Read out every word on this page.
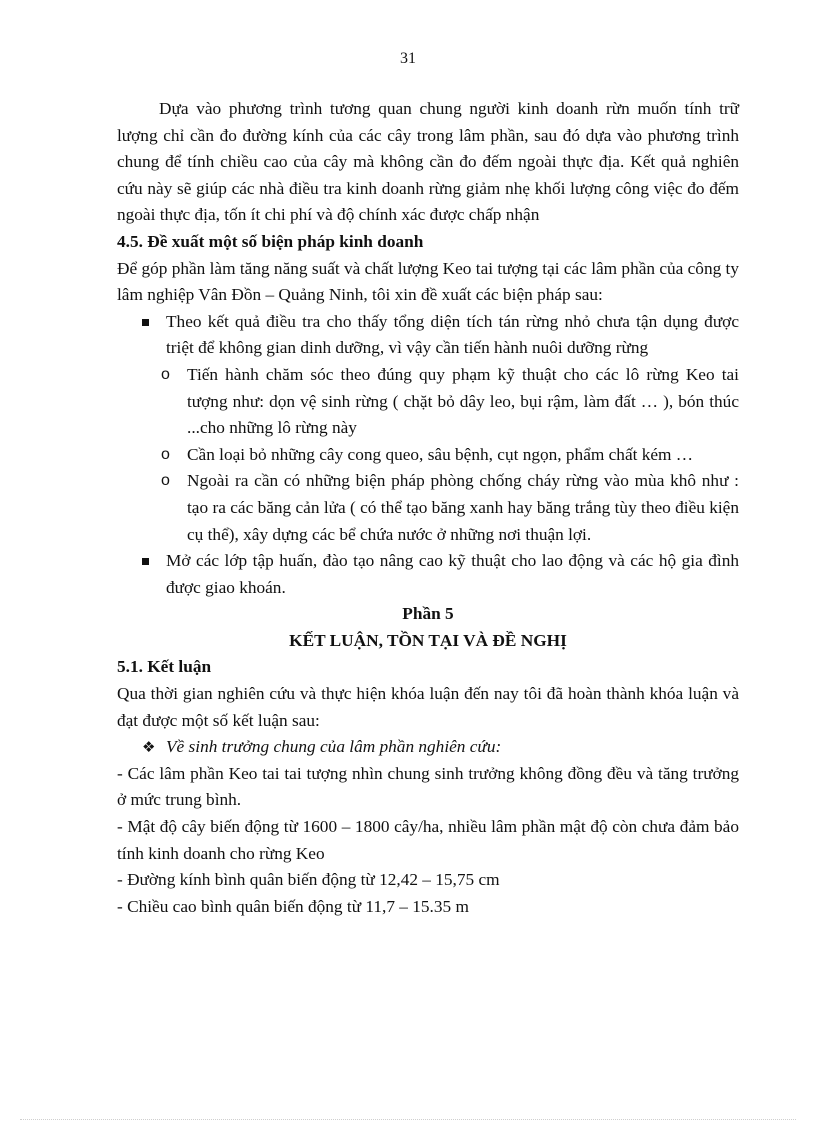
31

Dựa vào phương trình tương quan chung người kinh doanh rừn muốn tính trữ lượng chỉ cần đo đường kính của các cây trong lâm phần, sau đó dựa vào phương trình chung để tính chiều cao của cây mà không cần đo đếm ngoài thực địa. Kết quả nghiên cứu này sẽ giúp các nhà điều tra kinh doanh rừng giảm nhẹ khối lượng công việc đo đếm ngoài thực địa, tốn ít chi phí và độ chính xác được chấp nhận

4.5. Đề xuất một số biện pháp kinh doanh

Để góp phần làm tăng năng suất và chất lượng Keo tai tượng tại các lâm phần của công ty lâm nghiệp Vân Đồn – Quảng Ninh, tôi xin đề xuất các biện pháp sau:

Theo kết quả điều tra cho thấy tổng diện tích tán rừng nhỏ chưa tận dụng được triệt để không gian dinh dưỡng, vì vậy cần tiến hành nuôi dưỡng rừng
o Tiến hành chăm sóc theo đúng quy phạm kỹ thuật cho các lô rừng Keo tai tượng như: dọn vệ sinh rừng ( chặt bỏ dây leo, bụi rậm, làm đất … ), bón thúc ...cho những lô rừng này
o Cần loại bỏ những cây cong queo, sâu bệnh, cụt ngọn, phẩm chất kém …
o Ngoài ra cần có những biện pháp phòng chống cháy rừng vào mùa khô như : tạo ra các băng cản lửa ( có thể tạo băng xanh hay băng trắng tùy theo điều kiện cụ thể), xây dựng các bể chứa nước ở những nơi thuận lợi.
Mở các lớp tập huấn, đào tạo nâng cao kỹ thuật cho lao động và các hộ gia đình được giao khoán.

Phần 5

KẾT LUẬN, TỒN TẠI VÀ ĐỀ NGHỊ

5.1. Kết luận

Qua thời gian nghiên cứu và thực hiện khóa luận đến nay tôi đã hoàn thành khóa luận và đạt được một số kết luận sau:

❖ Về sinh trưởng chung của lâm phần nghiên cứu:

- Các lâm phần Keo tai tai tượng nhìn chung sinh trưởng không đồng đều và tăng trưởng ở mức trung bình.

- Mật độ cây biến động từ 1600 – 1800 cây/ha, nhiều lâm phần mật độ còn chưa đảm bảo tính kinh doanh cho rừng Keo

- Đường kính bình quân biến động từ 12,42 – 15,75 cm

- Chiều cao bình quân biến động từ 11,7 – 15.35 m
